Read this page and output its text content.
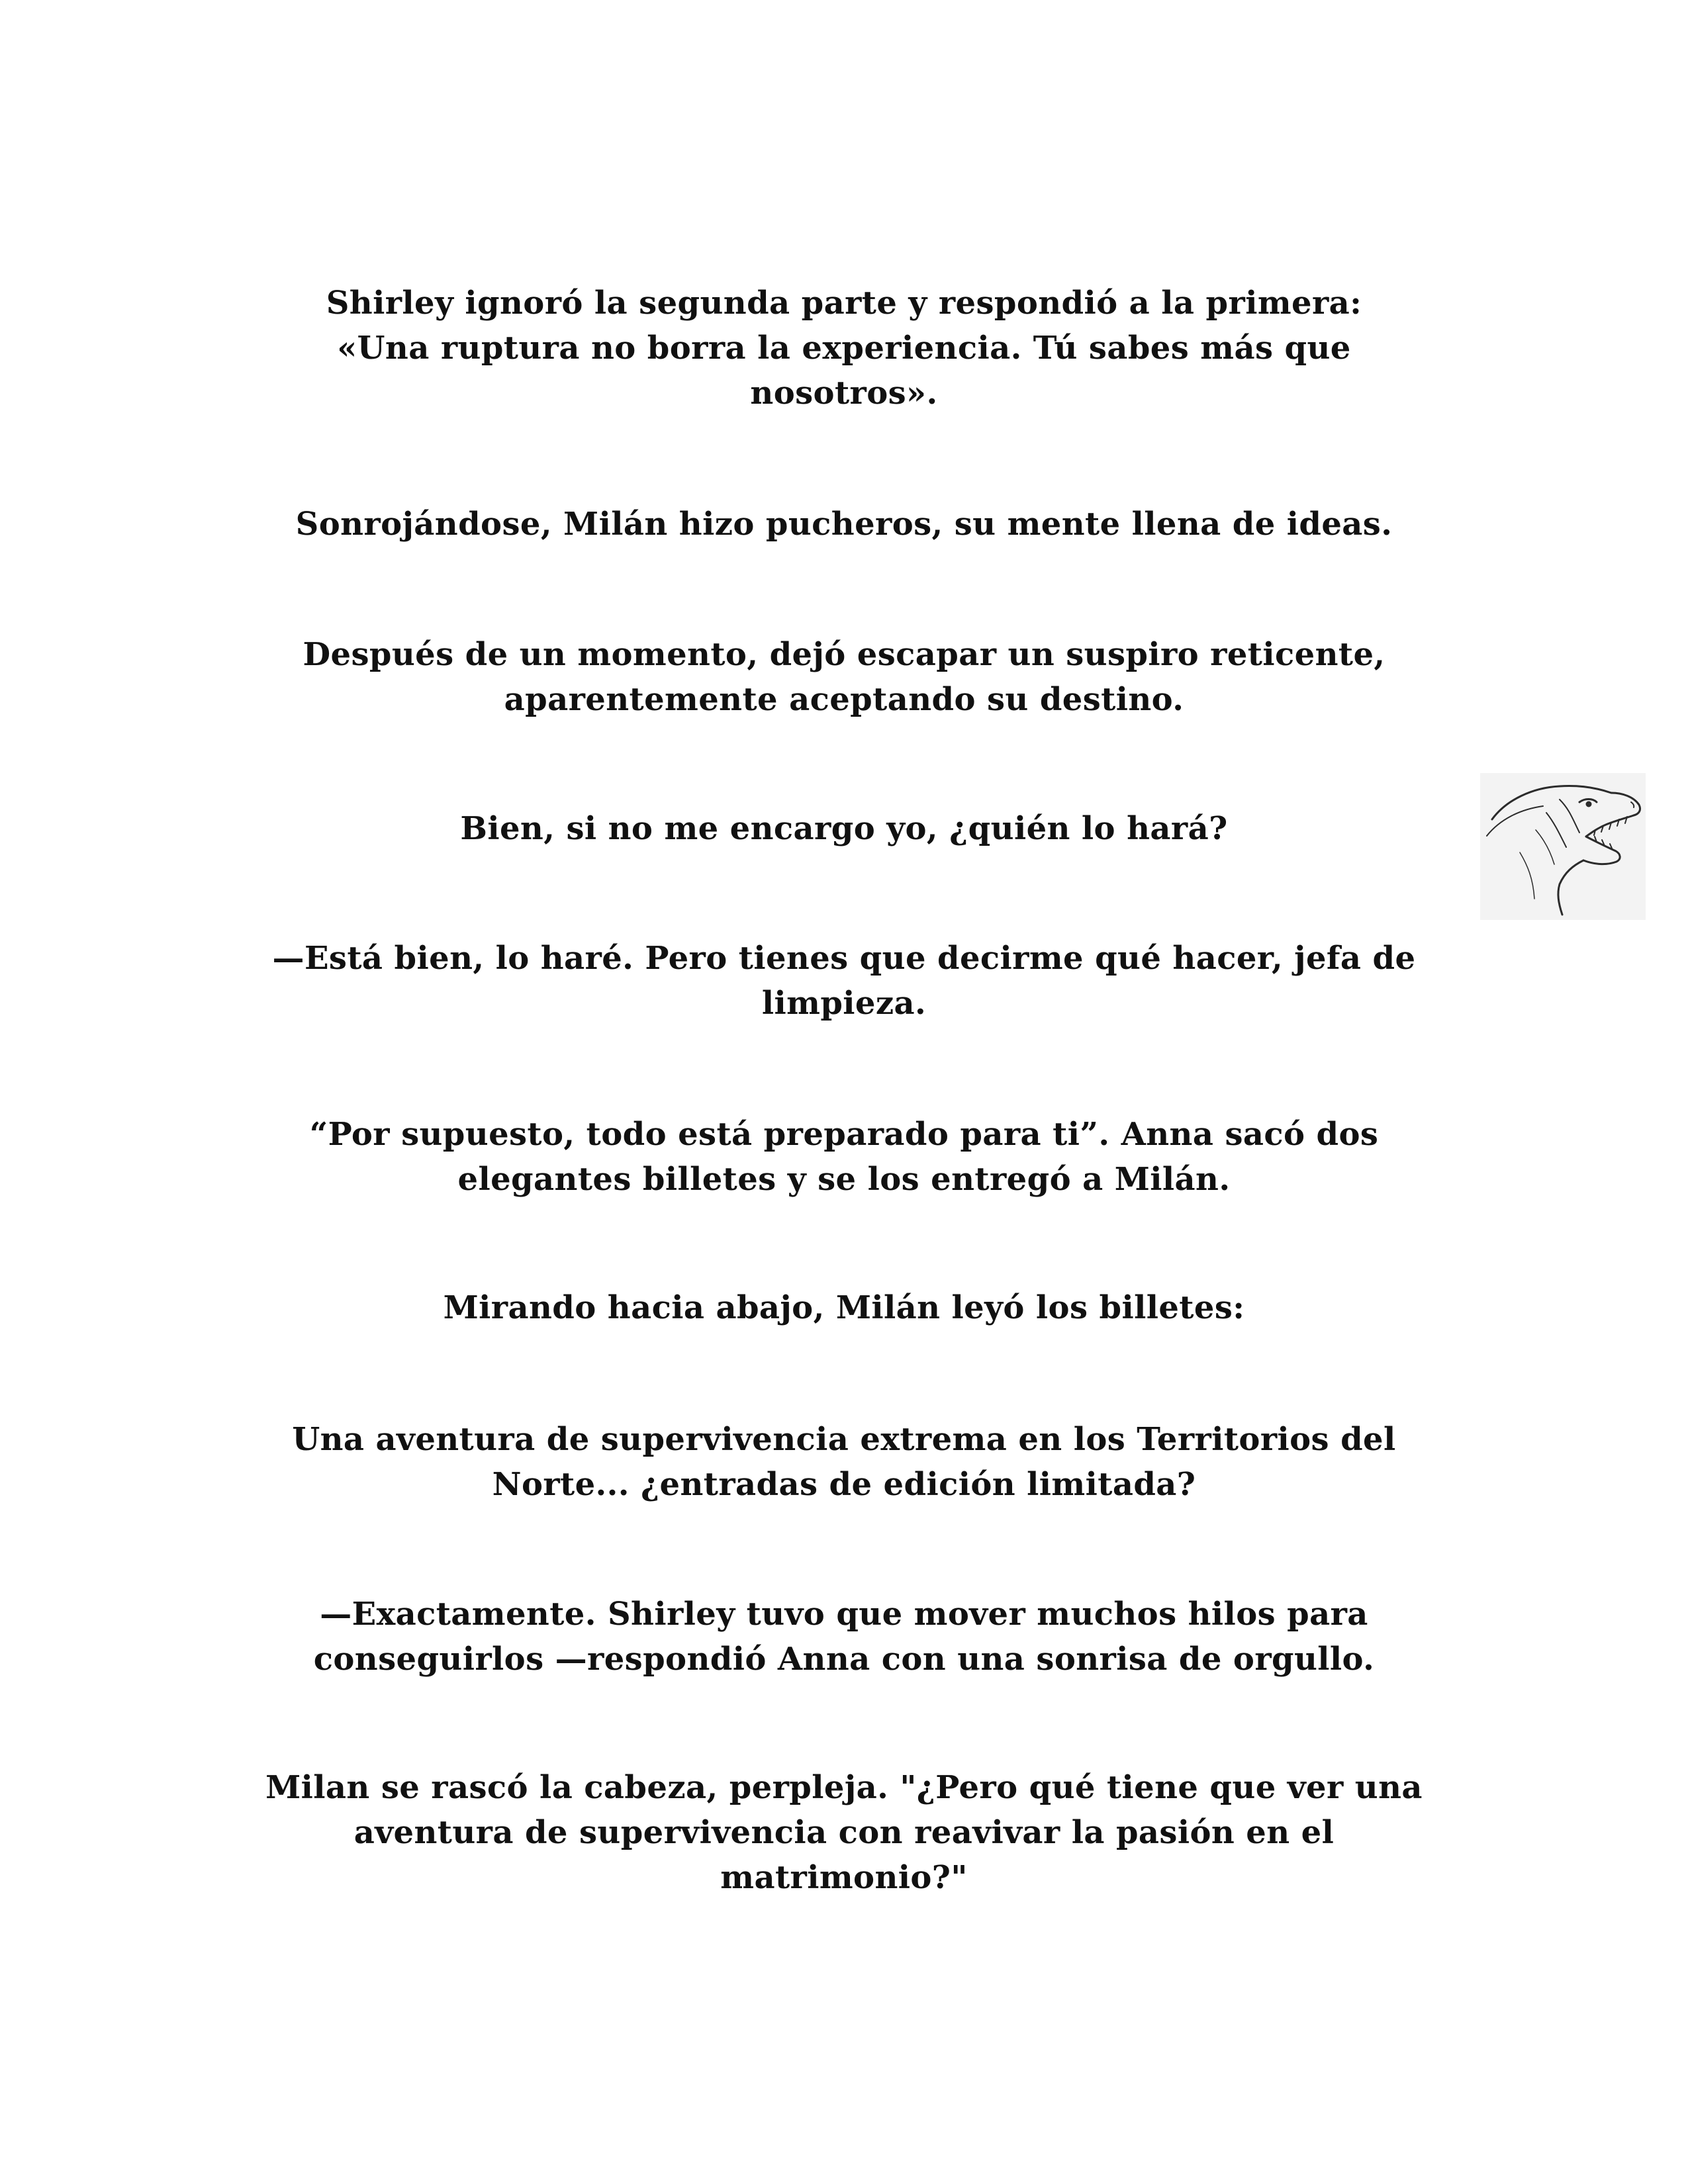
Shirley ignoró la segunda parte y respondió a la primera:
«Una ruptura no borra la experiencia. Tú sabes más que
nosotros».
Sonrojándose, Milán hizo pucheros, su mente llena de ideas.
Después de un momento, dejó escapar un suspiro reticente,
aparentemente aceptando su destino.
Bien, si no me encargo yo, ¿quién lo hará?
—Está bien, lo haré. Pero tienes que decirme qué hacer, jefa de
limpieza.
“Por supuesto, todo está preparado para ti”. Anna sacó dos
elegantes billetes y se los entregó a Milán.
Mirando hacia abajo, Milán leyó los billetes:
Una aventura de supervivencia extrema en los Territorios del
Norte... ¿entradas de edición limitada?
—Exactamente. Shirley tuvo que mover muchos hilos para
conseguirlos —respondió Anna con una sonrisa de orgullo.
Milan se rascó la cabeza, perpleja. "¿Pero qué tiene que ver una
aventura de supervivencia con reavivar la pasión en el
matrimonio?"
